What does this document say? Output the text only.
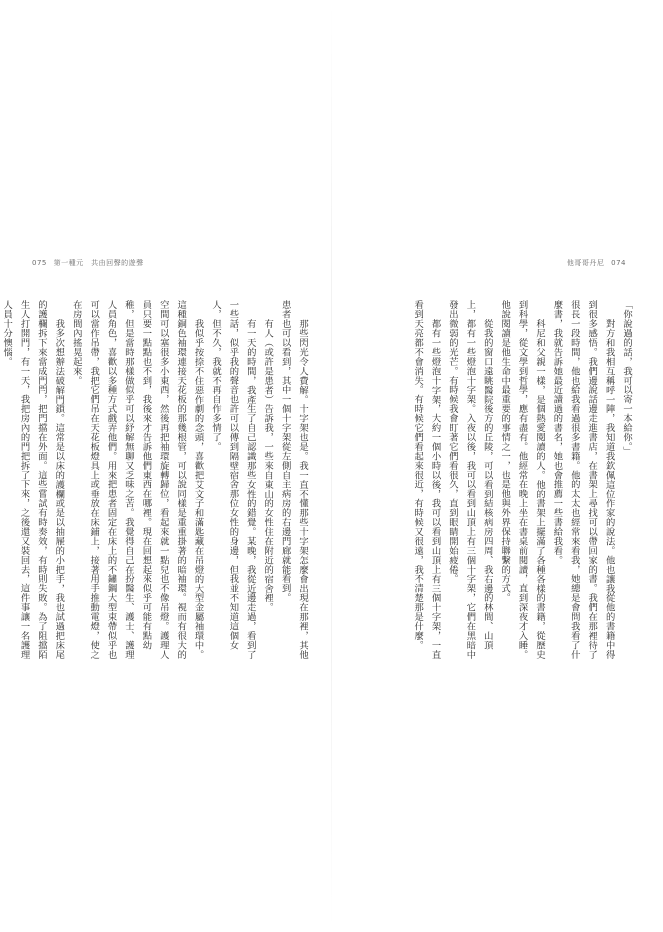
075 第一種元　共由回聲的遊聲

那些閃光令人費解。十字架也是。我一直不懂那些十字架怎麼會出現在那裡，其他患者也可以看到，其中一個十字架從左側自主病房的右邊門廊就能看到。

有人（或許是患者）告訴我，一些來自東山的女性住在附近的宿舍裡。

有一天的時間，我產生了自己認識那些女性的錯覺。某晚，我從近邊走過，看到了一些話，似乎我的聲音也許可以傳到隔壁宿舍那位女性的身邊，但我並不知道這個女人，但不久，我就不再自作多情了。

我似乎按捺不住惡作劇的念頭，喜歡把艾文子和滿匙藏在吊燈的大型金屬袖環中。這種銅色袖環連接天花板的那幾根管，可以說同樣是重重掛著的暗袖環。視而有很大的空間可以塞很多小東西，然後再把袖環旋轉歸位，看起來就一點兒也不像吊燈。護理人員只要一點點也不到，我後來才告訴他們東西在哪裡。現在回想起來似乎可能有點幼稚，但是當時那樣做似乎可以紓解無聊又乏味之苦。我覺得自己在扮醫生、護士、護理人員角色，喜歡以多種方式戲弄他們。用來把患者固定在床上的不鏽鋼大型束帶似乎也可以當作吊帶，我把它們吊在天花板燈具上或垂放在床鋪上，接著用手推動電燈，使之在房間內搖晃起來。

我多次想辦法破解門鎖。這常是以床的護欄或是以抽屜的小把手，我也試過把床尾的護欄拆下來當成門閂，把門擋在外面。這些嘗試有時奏效，有時則失敗。為了阻擋陌生人打開門，有一天，我把房內的門把拆了下來，之後還又裝回去，這件事讓一名護理人員十分懊惱。

他哥哥丹尼 074

「你說過的話，我可以寄一本給你。」

對方和我相互稱呼一陣，我知道我欽佩這位作家的說法。他也讓我從他的書籍中得到很多感悟。我們邊說話邊走進書店，在書架上尋找可以帶回家的書。我們在那裡待了很長一段時間，他也給我看過很多書籍。他的太太也經常來看我，她總是會問我看了什麼書，我就告訴她最近讀過的書名，她也會推薦一些書給我看。

科尼和父親一樣，是個熱愛閱讀的人。他的書架上擺滿了各種各樣的書籍，從歷史到科學，從文學到哲學，應有盡有。他經常在晚上坐在書桌前閱讀，直到深夜才入睡。他說閱讀是他生命中最重要的事情之一，也是他與外界保持聯繫的方式。

從我的窗口遠眺醫院後方的丘陵，可以看到結核病房四周、我右邊的林間、山頂上，都有一些燈泡十字架。入夜以後，我可以看到山頂上有三個十字架，它們在黑暗中發出微弱的光芒。有時候我會盯著它們看很久，直到眼睛開始疲倦。

都有一些燈泡十字架，大約一個小時以後，我可以看到山頂上有三個十字架，一直看到天亮都不會消失。有時候它們看起來很近，有時候又很遠，我不清楚那是什麼。
